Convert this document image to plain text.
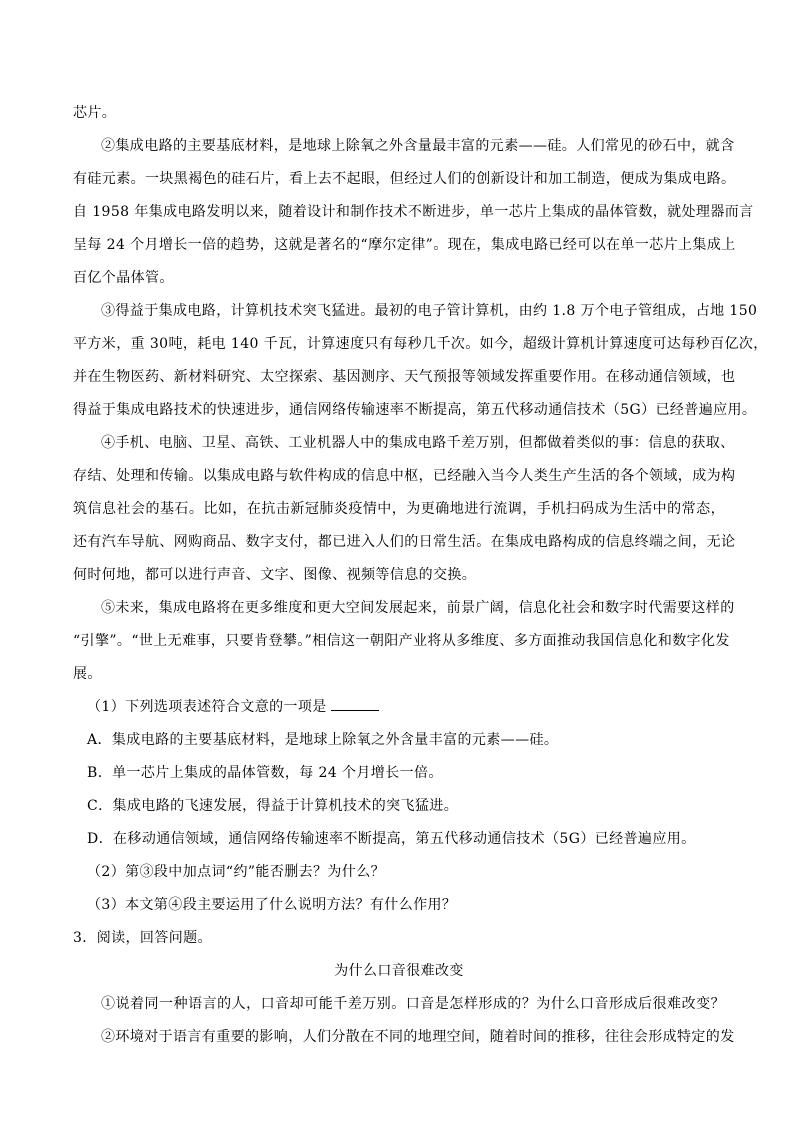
芯片。
②集成电路的主要基底材料，是地球上除氧之外含量最丰富的元素——硅。人们常见的砂石中，就含
有硅元素。一块黑褐色的硅石片，看上去不起眼，但经过人们的创新设计和加工制造，便成为集成电路。
自 1958 年集成电路发明以来，随着设计和制作技术不断进步，单一芯片上集成的晶体管数，就处理器而言
呈每 24 个月增长一倍的趋势，这就是著名的“摩尔定律”。现在，集成电路已经可以在单一芯片上集成上
百亿个晶体管。
③得益于集成电路，计算机技术突飞猛进。最初的电子管计算机，由约 1.8 万个电子管组成，占地 150
平方米，重 30吨，耗电 140 千瓦，计算速度只有每秒几千次。如今，超级计算机计算速度可达每秒百亿次，
并在生物医药、新材料研究、太空探索、基因测序、天气预报等领域发挥重要作用。在移动通信领域，也
得益于集成电路技术的快速进步，通信网络传输速率不断提高，第五代移动通信技术（5G）已经普遍应用。
④手机、电脑、卫星、高铁、工业机器人中的集成电路千差万别，但都做着类似的事：信息的获取、
存结、处理和传输。以集成电路与软件构成的信息中枢，已经融入当今人类生产生活的各个领域，成为构
筑信息社会的基石。比如，在抗击新冠肺炎疫情中，为更确地进行流调，手机扫码成为生活中的常态，
还有汽车导航、网购商品、数字支付，都已进入人们的日常生活。在集成电路构成的信息终端之间，无论
何时何地，都可以进行声音、文字、图像、视频等信息的交换。
⑤未来，集成电路将在更多维度和更大空间发展起来，前景广阔，信息化社会和数字时代需要这样的
“引擎”。“世上无难事，只要肯登攀。”相信这一朝阳产业将从多维度、多方面推动我国信息化和数字化发
展。
（1）下列选项表述符合文意的一项是
A．集成电路的主要基底材料，是地球上除氧之外含量丰富的元素——硅。
B．单一芯片上集成的晶体管数，每 24 个月增长一倍。
C．集成电路的飞速发展，得益于计算机技术的突飞猛进。
D．在移动通信领域，通信网络传输速率不断提高，第五代移动通信技术（5G）已经普遍应用。
（2）第③段中加点词“约”能否删去？为什么？
（3）本文第④段主要运用了什么说明方法？有什么作用？
3．阅读，回答问题。
为什么口音很难改变
①说着同一种语言的人，口音却可能千差万别。口音是怎样形成的？为什么口音形成后很难改变？
②环境对于语言有重要的影响，人们分散在不同的地理空间，随着时间的推移，往往会形成特定的发
